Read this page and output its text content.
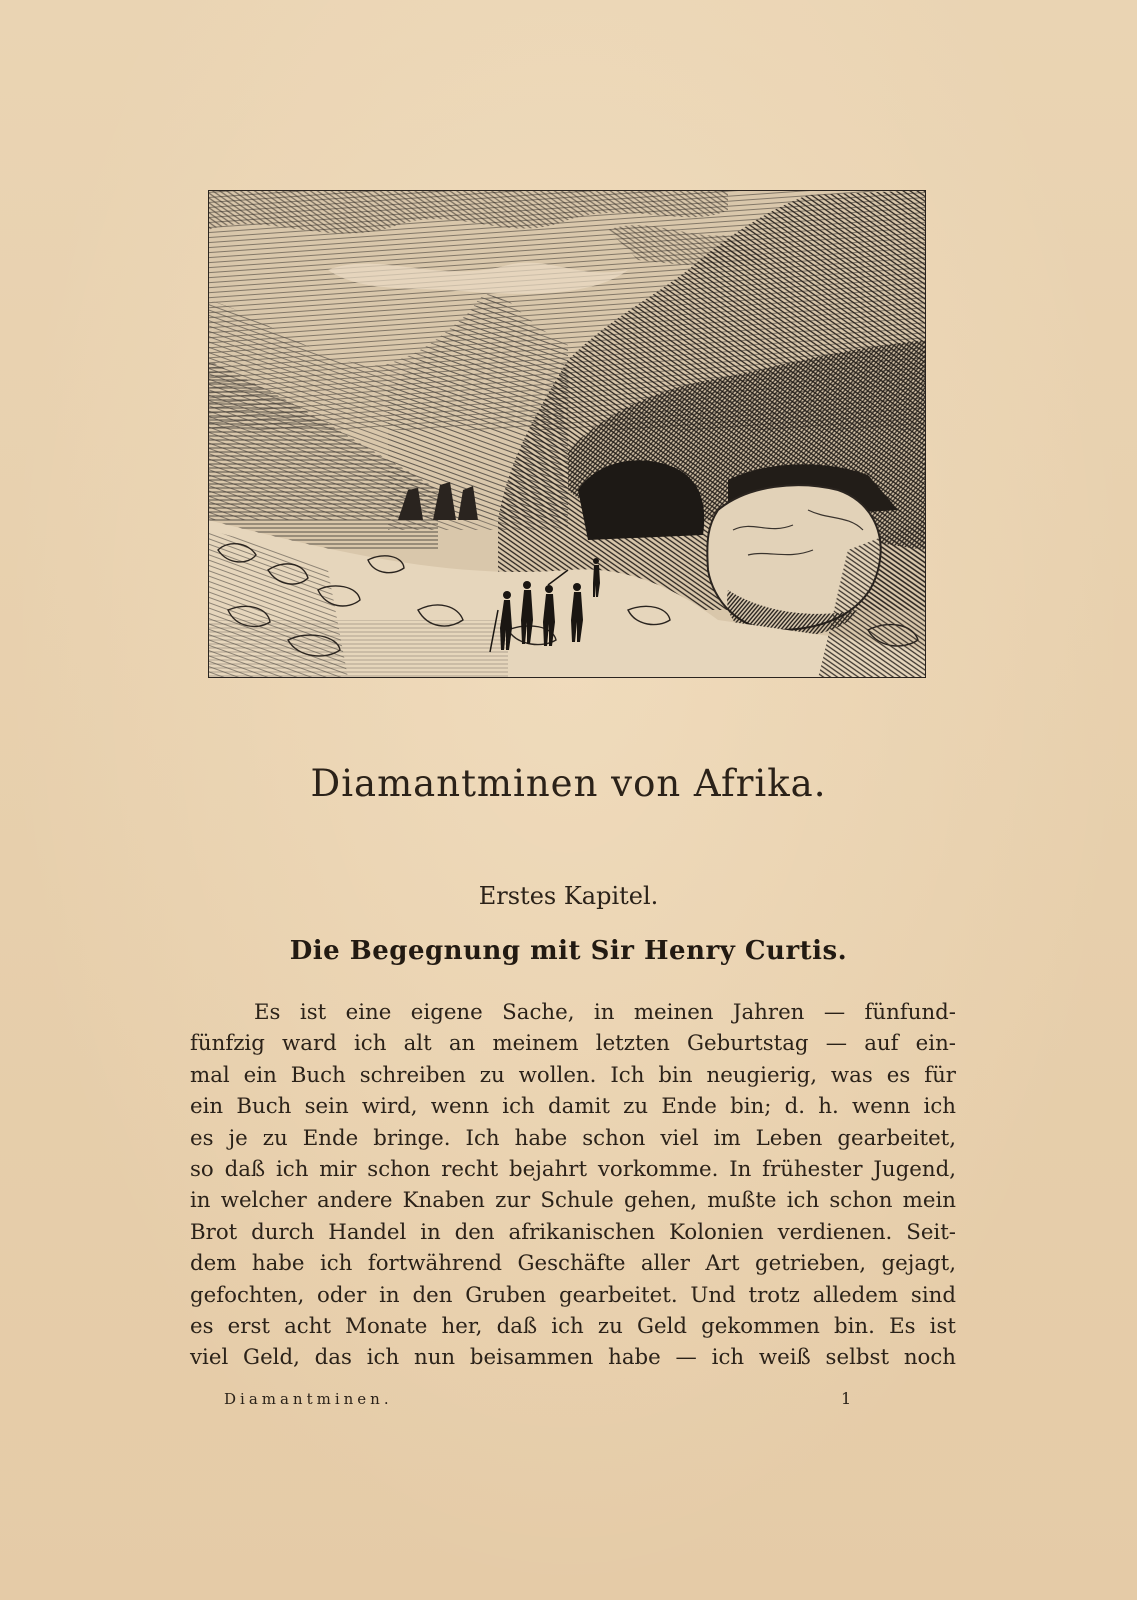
Diamantminen von Afrika.
Erstes Kapitel.
Die Begegnung mit Sir Henry Curtis.
Es ist eine eigene Sache, in meinen Jahren — fünfund-
fünfzig ward ich alt an meinem letzten Geburtstag — auf ein-
mal ein Buch schreiben zu wollen. Ich bin neugierig, was es für
ein Buch sein wird, wenn ich damit zu Ende bin; d. h. wenn ich
es je zu Ende bringe. Ich habe schon viel im Leben gearbeitet,
so daß ich mir schon recht bejahrt vorkomme. In frühester Jugend,
in welcher andere Knaben zur Schule gehen, mußte ich schon mein
Brot durch Handel in den afrikanischen Kolonien verdienen. Seit-
dem habe ich fortwährend Geschäfte aller Art getrieben, gejagt,
gefochten, oder in den Gruben gearbeitet. Und trotz alledem sind
es erst acht Monate her, daß ich zu Geld gekommen bin. Es ist
viel Geld, das ich nun beisammen habe — ich weiß selbst noch
Diamantminen.	1
